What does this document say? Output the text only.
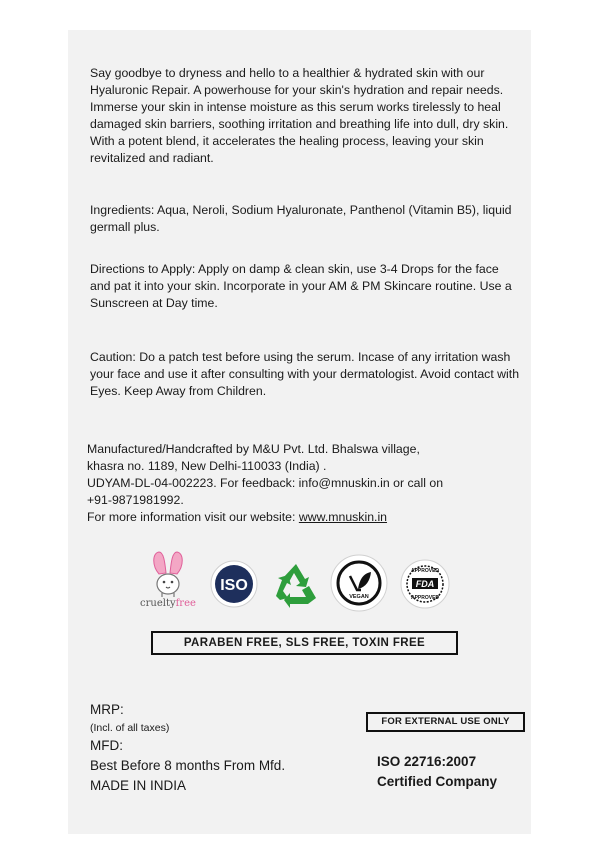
Say goodbye to dryness and hello to a healthier & hydrated skin with our Hyaluronic Repair. A powerhouse for your skin's hydration and repair needs. Immerse your skin in intense moisture as this serum works tirelessly to heal damaged skin barriers, soothing irritation and breathing life into dull, dry skin. With a potent blend, it accelerates the healing process, leaving your skin revitalized and radiant.

Ingredients: Aqua, Neroli, Sodium Hyaluronate, Panthenol (Vitamin B5), liquid germall plus.

Directions to Apply: Apply on damp & clean skin, use 3-4 Drops for the face and pat it into your skin. Incorporate in your AM & PM Skincare routine. Use a Sunscreen at Day time.

Caution: Do a patch test before using the serum. Incase of any irritation wash your face and use it after consulting with your dermatologist. Avoid contact with Eyes. Keep Away from Children.

Manufactured/Handcrafted by M&U Pvt. Ltd. Bhalswa village,
khasra no. 1189, New Delhi-110033 (India) .
UDYAM-DL-04-002223. For feedback: info@mnuskin.in or call on
+91-9871981992.
For more information visit our website: www.mnuskin.in
ISO
VEGAN
APPROVED
FDA
APPROVED
crueltyfree
PARABEN FREE, SLS FREE, TOXIN FREE
MRP:
(Incl. of all taxes)
MFD:
Best Before 8 months From Mfd.
MADE IN INDIA
FOR EXTERNAL USE ONLY
ISO 22716:2007
Certified Company
